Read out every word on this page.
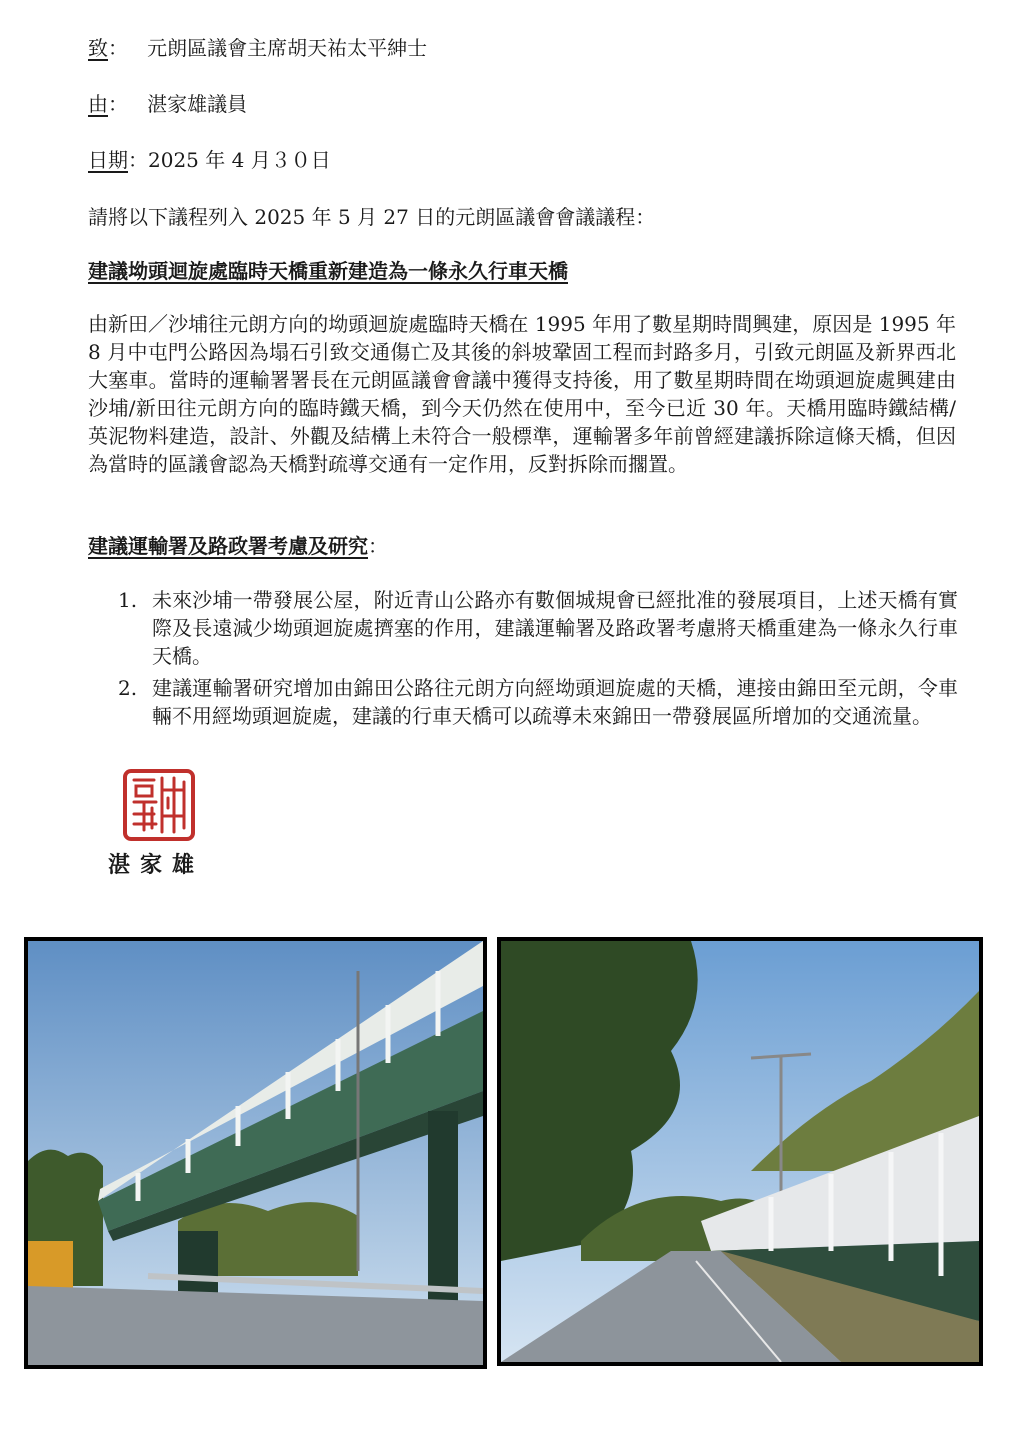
致： 元朗區議會主席胡天祐太平紳士
由： 湛家雄議員
日期：2025 年 4 月３０日
請將以下議程列入 2025 年 5 月 27 日的元朗區議會會議議程：
建議坳頭迴旋處臨時天橋重新建造為一條永久行車天橋
由新田／沙埔往元朗方向的坳頭迴旋處臨時天橋在 1995 年用了數星期時間興建，原因是 1995 年 8 月中屯門公路因為塌石引致交通傷亡及其後的斜坡鞏固工程而封路多月，引致元朗區及新界西北大塞車。當時的運輸署署長在元朗區議會會議中獲得支持後，用了數星期時間在坳頭迴旋處興建由沙埔/新田往元朗方向的臨時鐵天橋，到今天仍然在使用中，至今已近 30 年。天橋用臨時鐵結構/英泥物料建造，設計、外觀及結構上未符合一般標準，運輸署多年前曾經建議拆除這條天橋，但因為當時的區議會認為天橋對疏導交通有一定作用，反對拆除而擱置。
建議運輸署及路政署考慮及研究：
1. 未來沙埔一帶發展公屋，附近青山公路亦有數個城規會已經批准的發展項目，上述天橋有實際及長遠減少坳頭迴旋處擠塞的作用，建議運輸署及路政署考慮將天橋重建為一條永久行車天橋。
2. 建議運輸署研究增加由錦田公路往元朗方向經坳頭迴旋處的天橋，連接由錦田至元朗，令車輛不用經坳頭迴旋處，建議的行車天橋可以疏導未來錦田一帶發展區所增加的交通流量。
湛家雄
